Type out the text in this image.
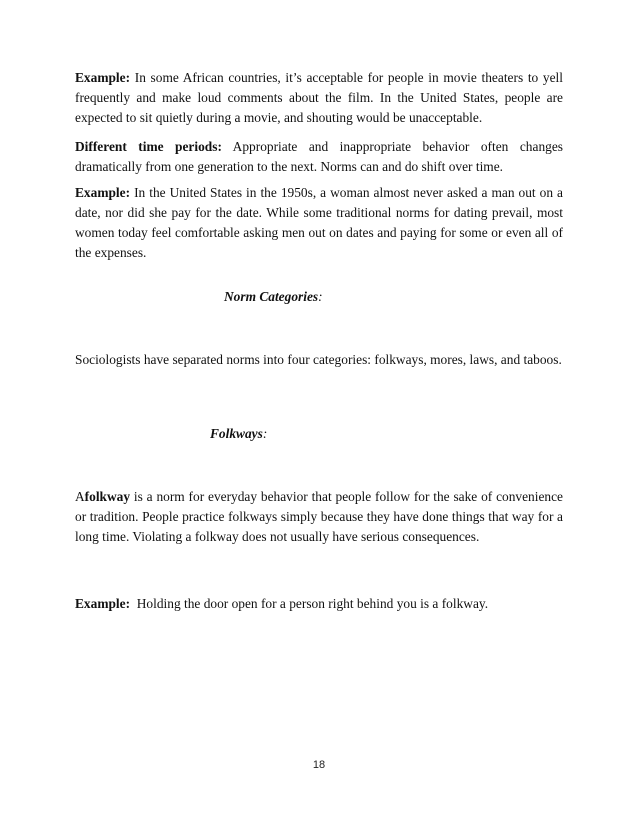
Example: In some African countries, it’s acceptable for people in movie theaters to yell frequently and make loud comments about the film. In the United States, people are expected to sit quietly during a movie, and shouting would be unacceptable.

Different time periods: Appropriate and inappropriate behavior often changes dramatically from one generation to the next. Norms can and do shift over time.

Example: In the United States in the 1950s, a woman almost never asked a man out on a date, nor did she pay for the date. While some traditional norms for dating prevail, most women today feel comfortable asking men out on dates and paying for some or even all of the expenses.

Norm Categories:

Sociologists have separated norms into four categories: folkways, mores, laws, and taboos.

Folkways:

Afolkway is a norm for everyday behavior that people follow for the sake of convenience or tradition. People practice folkways simply because they have done things that way for a long time. Violating a folkway does not usually have serious consequences.

Example: Holding the door open for a person right behind you is a folkway.

18
